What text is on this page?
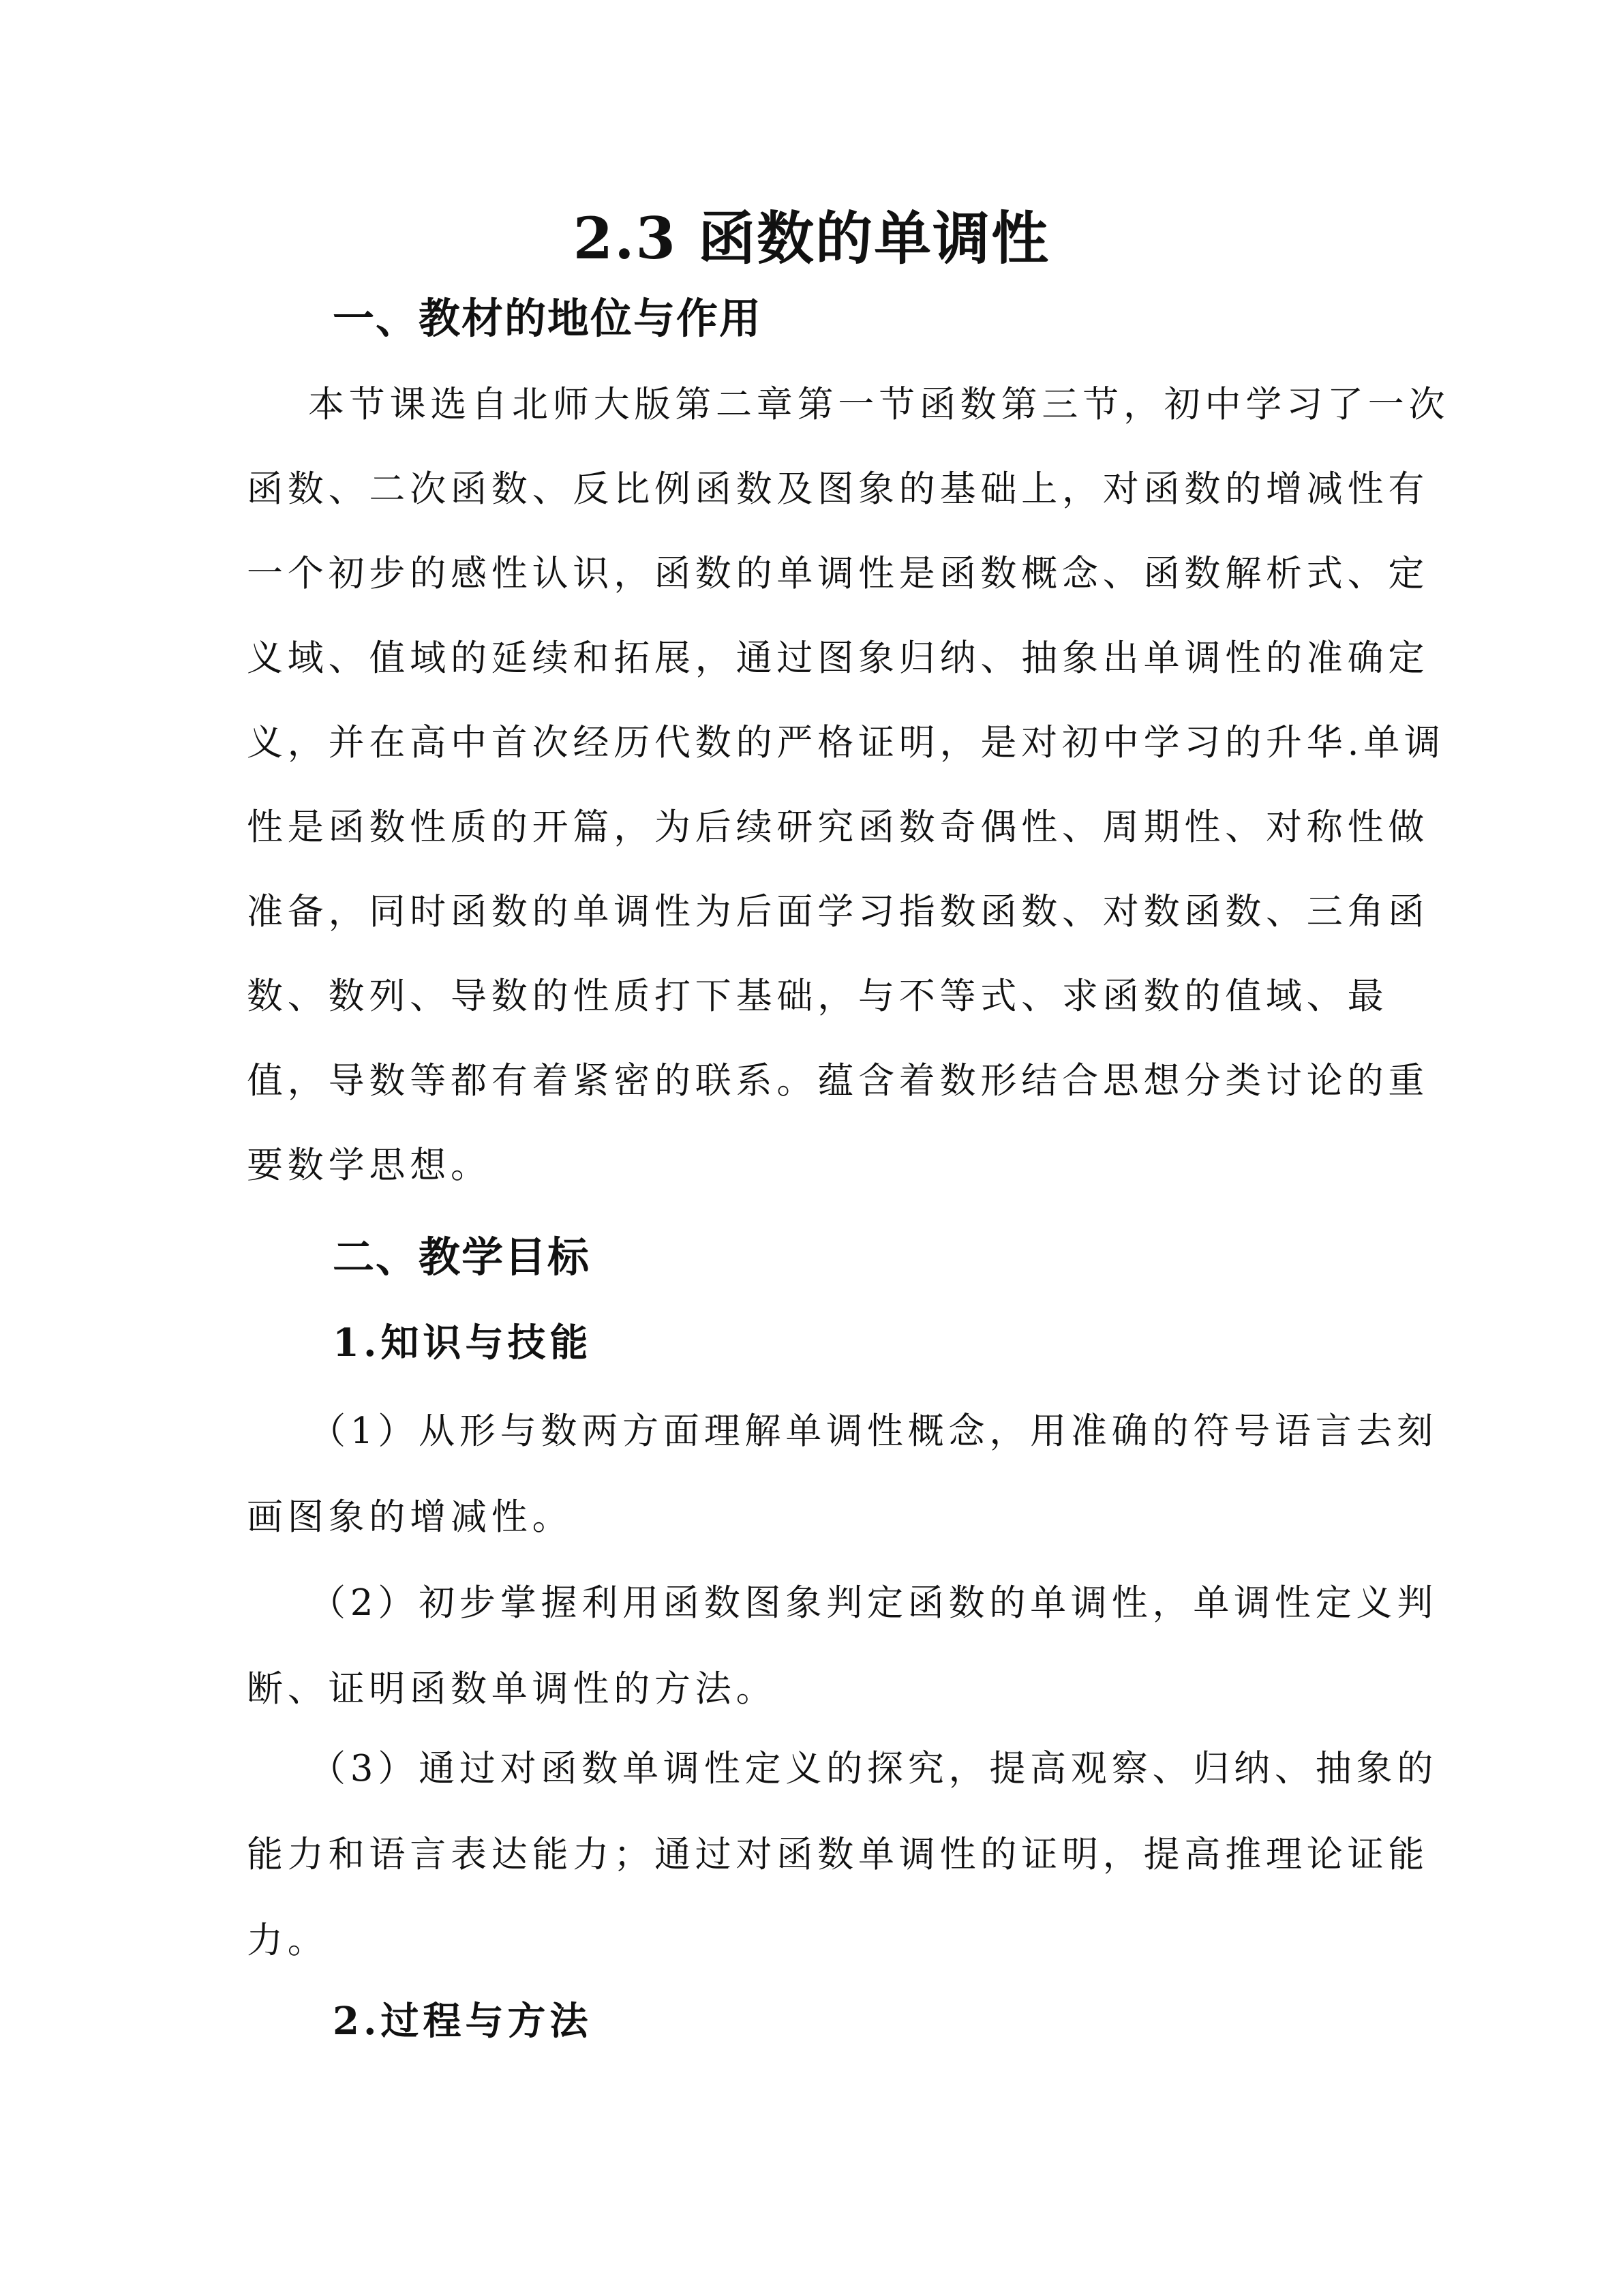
2.3 函数的单调性
一、教材的地位与作用
本节课选自北师大版第二章第一节函数第三节，初中学习了一次
函数、二次函数、反比例函数及图象的基础上，对函数的增减性有
一个初步的感性认识，函数的单调性是函数概念、函数解析式、定
义域、值域的延续和拓展，通过图象归纳、抽象出单调性的准确定
义，并在高中首次经历代数的严格证明，是对初中学习的升华.单调
性是函数性质的开篇，为后续研究函数奇偶性、周期性、对称性做
准备，同时函数的单调性为后面学习指数函数、对数函数、三角函
数、数列、导数的性质打下基础，与不等式、求函数的值域、最
值，导数等都有着紧密的联系。蕴含着数形结合思想分类讨论的重
要数学思想。
二、教学目标
1.知识与技能
（1）从形与数两方面理解单调性概念，用准确的符号语言去刻
画图象的增减性。
（2）初步掌握利用函数图象判定函数的单调性，单调性定义判
断、证明函数单调性的方法。
（3）通过对函数单调性定义的探究，提高观察、归纳、抽象的
能力和语言表达能力；通过对函数单调性的证明，提高推理论证能
力。
2.过程与方法
